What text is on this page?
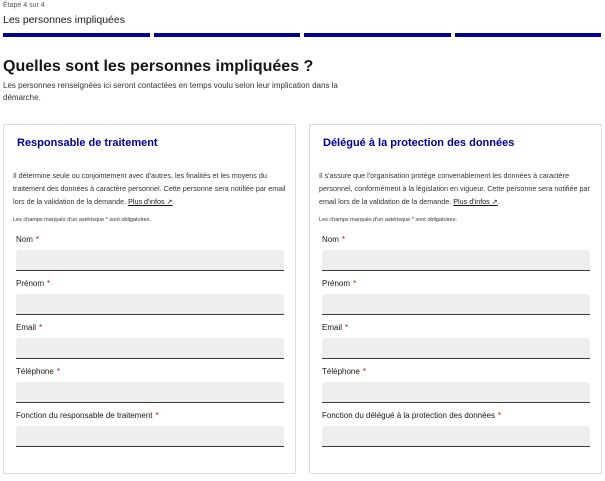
Étape 4 sur 4
Les personnes impliquées
Quelles sont les personnes impliquées ?

Les personnes renseignées ici seront contactées en temps voulu selon leur implication dans la démarche.

Responsable de traitement

Il détermine seule ou conjointement avec d'autres, les finalités et les moyens du traitement des données à caractère personnel. Cette personne sera notifiée par email lors de la validation de la demande. Plus d'infos ↗.

Les champs marqués d'un astérisque * sont obligatoires.

Nom *
Prénom *
Email *
Téléphone *
Fonction du responsable de traitement *
Délégué à la protection des données

Il s'assure que l'organisation protège convenablement les données à caractère personnel, conformément à la législation en vigueur. Cette personne sera notifiée par email lors de la validation de la demande. Plus d'infos ↗.

Les champs marqués d'un astérisque * sont obligatoires.

Nom *
Prénom *
Email *
Téléphone *
Fonction du délégué à la protection des données *
